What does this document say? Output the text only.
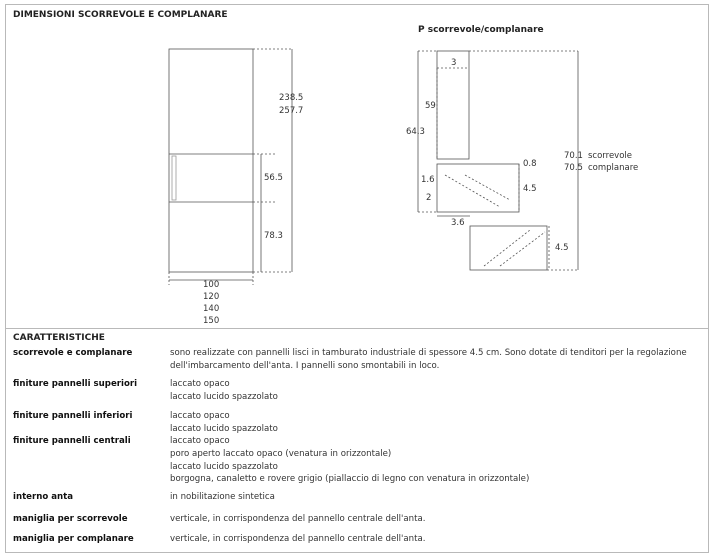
DIMENSIONI SCORREVOLE E COMPLANARE
P scorrevole/complanare
238.5
257.7
56.5
78.3
100
120
140
150
3
59
64.3
0.8
1.6
2
4.5
3.6
4.5
70.1
70.5
scorrevole
complanare
CARATTERISTICHE
scorrevole e complanare	sono realizzate con pannelli lisci in tamburato industriale di spessore 4.5 cm. Sono dotate di tenditori per la regolazione dell'imbarcamento dell'anta. I pannelli sono smontabili in loco.
finiture pannelli superiori	laccato opaco
laccato lucido spazzolato
finiture pannelli inferiori	laccato opaco
laccato lucido spazzolato
finiture pannelli centrali	laccato opaco
poro aperto laccato opaco (venatura in orizzontale)
laccato lucido spazzolato
borgogna, canaletto e rovere grigio (piallaccio di legno con venatura in orizzontale)
interno anta	in nobilitazione sintetica
maniglia per scorrevole	verticale, in corrispondenza del pannello centrale dell'anta.
maniglia per complanare	verticale, in corrispondenza del pannello centrale dell'anta.
